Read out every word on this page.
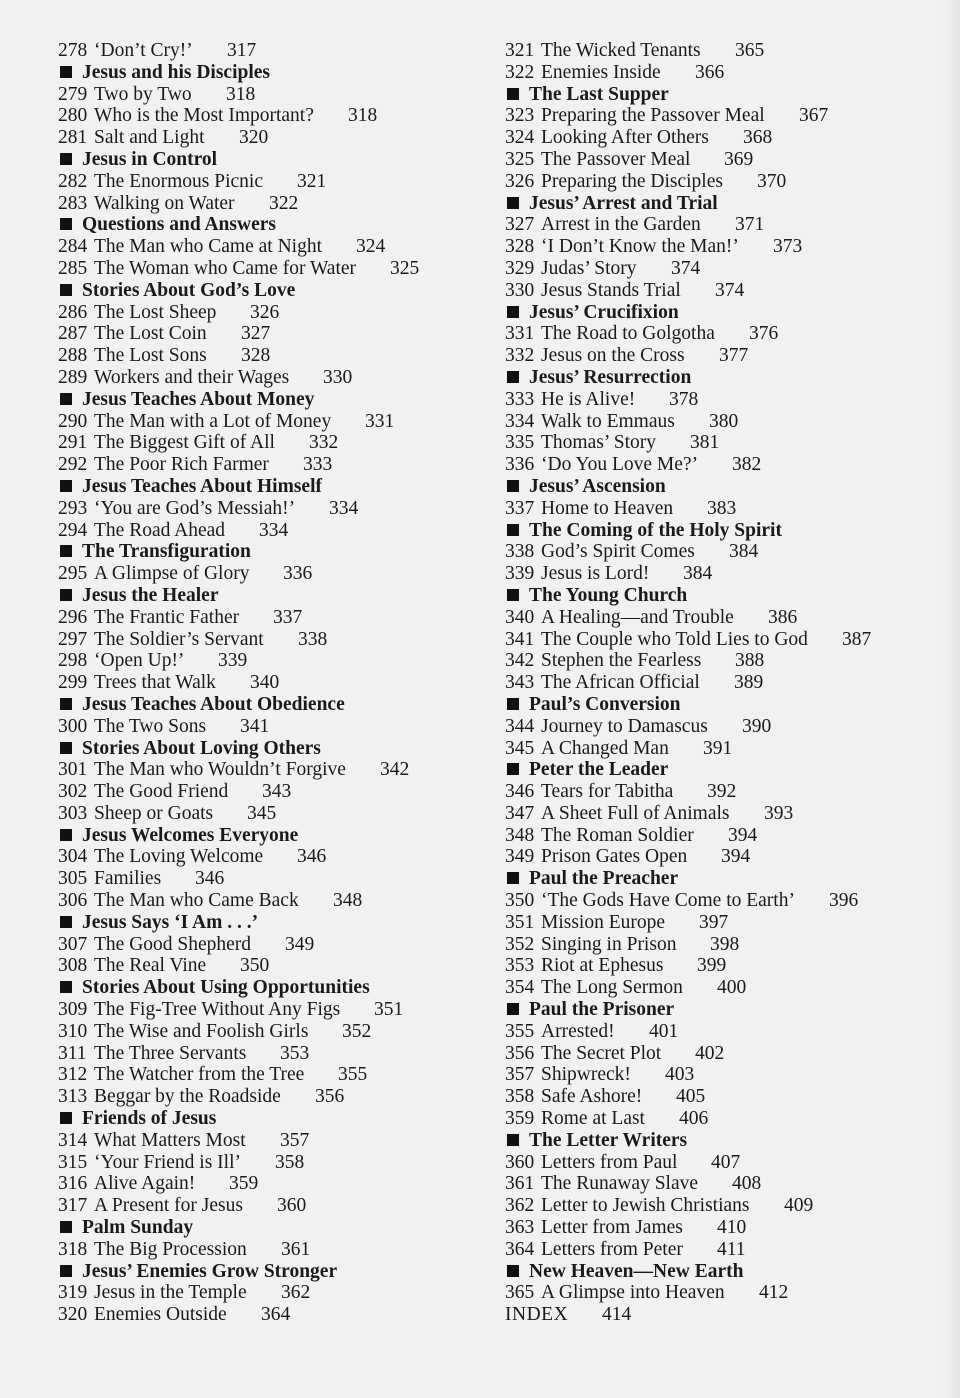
278 ‘Don’t Cry!’ 317
Jesus and his Disciples
279 Two by Two 318
280 Who is the Most Important? 318
281 Salt and Light 320
Jesus in Control
282 The Enormous Picnic 321
283 Walking on Water 322
Questions and Answers
284 The Man who Came at Night 324
285 The Woman who Came for Water 325
Stories About God’s Love
286 The Lost Sheep 326
287 The Lost Coin 327
288 The Lost Sons 328
289 Workers and their Wages 330
Jesus Teaches About Money
290 The Man with a Lot of Money 331
291 The Biggest Gift of All 332
292 The Poor Rich Farmer 333
Jesus Teaches About Himself
293 ‘You are God’s Messiah!’ 334
294 The Road Ahead 334
The Transfiguration
295 A Glimpse of Glory 336
Jesus the Healer
296 The Frantic Father 337
297 The Soldier’s Servant 338
298 ‘Open Up!’ 339
299 Trees that Walk 340
Jesus Teaches About Obedience
300 The Two Sons 341
Stories About Loving Others
301 The Man who Wouldn’t Forgive 342
302 The Good Friend 343
303 Sheep or Goats 345
Jesus Welcomes Everyone
304 The Loving Welcome 346
305 Families 346
306 The Man who Came Back 348
Jesus Says ‘I Am . . .’
307 The Good Shepherd 349
308 The Real Vine 350
Stories About Using Opportunities
309 The Fig-Tree Without Any Figs 351
310 The Wise and Foolish Girls 352
311 The Three Servants 353
312 The Watcher from the Tree 355
313 Beggar by the Roadside 356
Friends of Jesus
314 What Matters Most 357
315 ‘Your Friend is Ill’ 358
316 Alive Again! 359
317 A Present for Jesus 360
Palm Sunday
318 The Big Procession 361
Jesus’ Enemies Grow Stronger
319 Jesus in the Temple 362
320 Enemies Outside 364
321 The Wicked Tenants 365
322 Enemies Inside 366
The Last Supper
323 Preparing the Passover Meal 367
324 Looking After Others 368
325 The Passover Meal 369
326 Preparing the Disciples 370
Jesus’ Arrest and Trial
327 Arrest in the Garden 371
328 ‘I Don’t Know the Man!’ 373
329 Judas’ Story 374
330 Jesus Stands Trial 374
Jesus’ Crucifixion
331 The Road to Golgotha 376
332 Jesus on the Cross 377
Jesus’ Resurrection
333 He is Alive! 378
334 Walk to Emmaus 380
335 Thomas’ Story 381
336 ‘Do You Love Me?’ 382
Jesus’ Ascension
337 Home to Heaven 383
The Coming of the Holy Spirit
338 God’s Spirit Comes 384
339 Jesus is Lord! 384
The Young Church
340 A Healing—and Trouble 386
341 The Couple who Told Lies to God 387
342 Stephen the Fearless 388
343 The African Official 389
Paul’s Conversion
344 Journey to Damascus 390
345 A Changed Man 391
Peter the Leader
346 Tears for Tabitha 392
347 A Sheet Full of Animals 393
348 The Roman Soldier 394
349 Prison Gates Open 394
Paul the Preacher
350 ‘The Gods Have Come to Earth’ 396
351 Mission Europe 397
352 Singing in Prison 398
353 Riot at Ephesus 399
354 The Long Sermon 400
Paul the Prisoner
355 Arrested! 401
356 The Secret Plot 402
357 Shipwreck! 403
358 Safe Ashore! 405
359 Rome at Last 406
The Letter Writers
360 Letters from Paul 407
361 The Runaway Slave 408
362 Letter to Jewish Christians 409
363 Letter from James 410
364 Letters from Peter 411
New Heaven—New Earth
365 A Glimpse into Heaven 412
INDEX 414
